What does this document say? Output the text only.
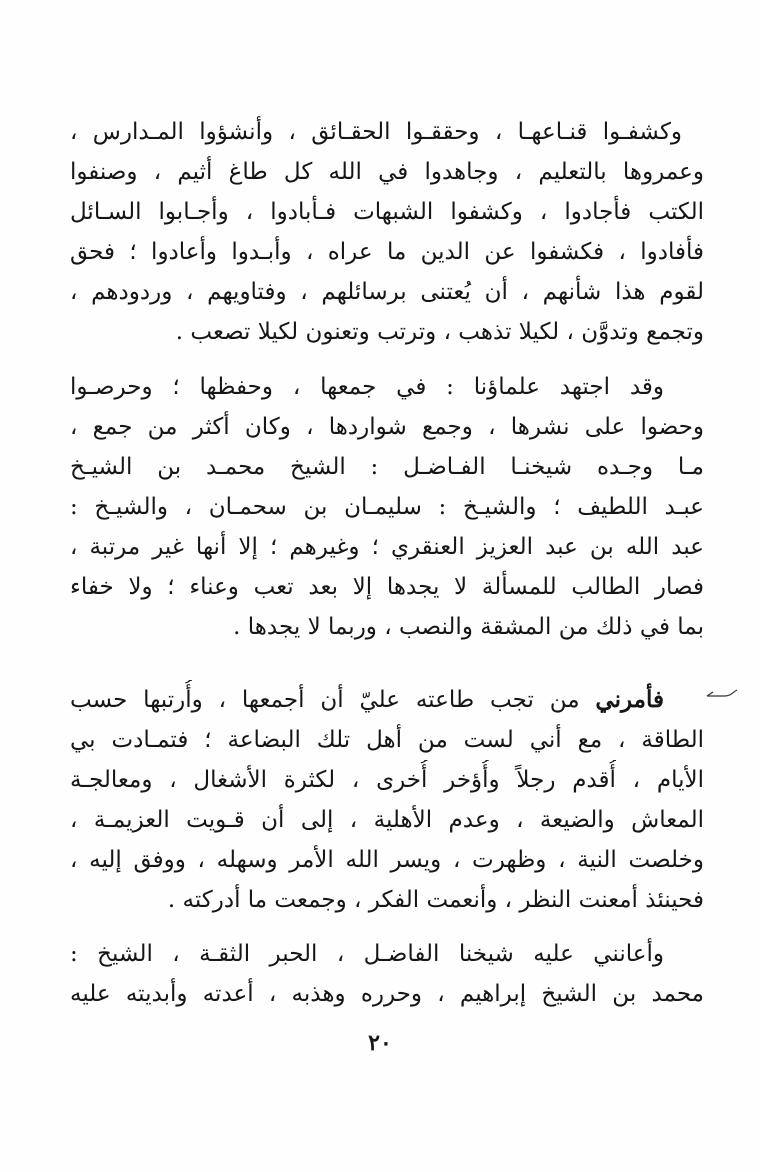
وكشفـوا قنـاعهـا ، وحققـوا الحقـائق ، وأنشؤوا المـدارس ،
وعمروها بالتعليم ، وجاهدوا في الله كل طاغ أثيم ، وصنفوا
الكتب فأجادوا ، وكشفوا الشبهات فـأبادوا ، وأجـابوا السـائل
فأفادوا ، فكشفوا عن الدين ما عراه ، وأبـدوا وأعادوا ؛ فحق
لقوم هذا شأنهم ، أن يُعتنى برسائلهم ، وفتاويهم ، وردودهم ،
وتجمع وتدوَّن ، لكيلا تذهب ، وترتب وتعنون لكيلا تصعب .
وقد اجتهد علماؤنا : في جمعها ، وحفظها ؛ وحرصـوا
وحضوا على نشرها ، وجمع شواردها ، وكان أكثر من جمع ،
مـا وجـده شيخنـا الفـاضـل : الشيخ محمـد بن الشيـخ
عبـد اللطيف ؛ والشيـخ : سليمـان بن سحمـان ، والشيـخ :
عبد الله بن عبد العزيز العنقري ؛ وغيرهم ؛ إلا أنها غير مرتبة ،
فصار الطالب للمسألة لا يجدها إلا بعد تعب وعناء ؛ ولا خفاء
بما في ذلك من المشقة والنصب ، وربما لا يجدها .
فأمرني من تجب طاعته عليّ أن أجمعها ، وأُرتبها حسب
الطاقة ، مع أني لست من أهل تلك البضاعة ؛ فتمـادت بي
الأيام ، أُقدم رجلاً وأُؤخر أُخرى ، لكثرة الأشغال ، ومعالجـة
المعاش والضيعة ، وعدم الأهلية ، إلى أن قـويت العزيمـة ،
وخلصت النية ، وظهرت ، ويسر الله الأمر وسهله ، ووفق إليه ،
فحينئذ أمعنت النظر ، وأنعمت الفكر ، وجمعت ما أدركته .
وأعانني عليه شيخنا الفاضـل ، الحبر الثقـة ، الشيخ :
محمد بن الشيخ إبراهيم ، وحرره وهذبه ، أعدته وأبديته عليه
٢٠
